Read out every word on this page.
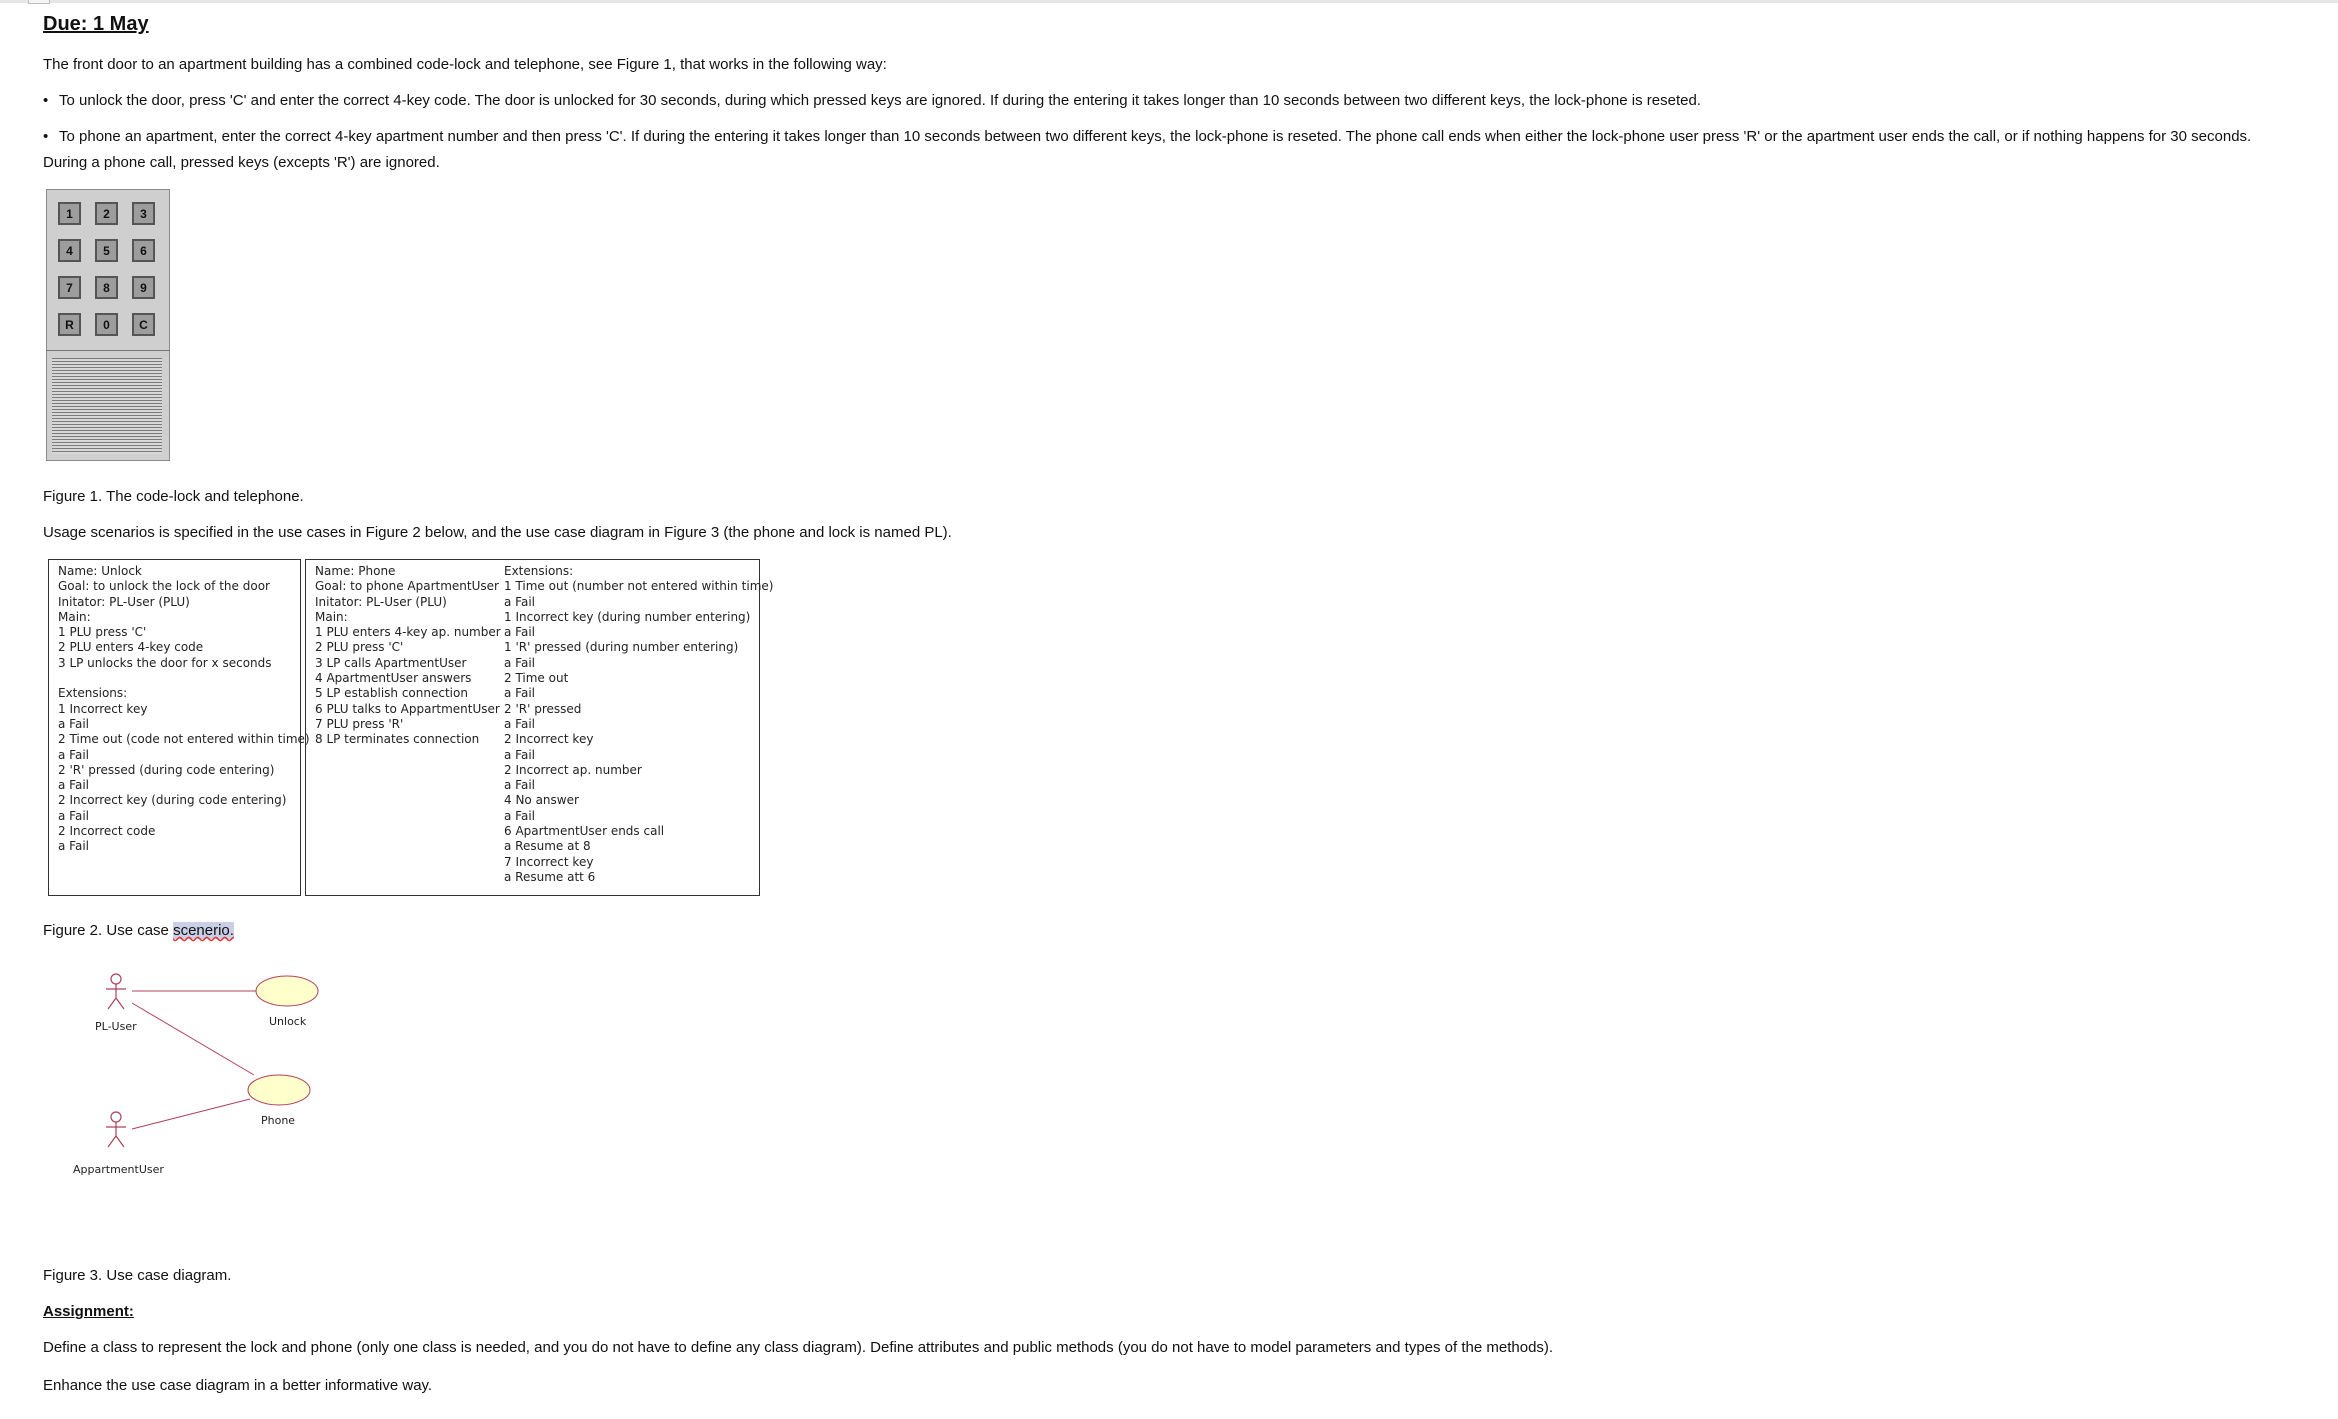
Due: 1 May
The front door to an apartment building has a combined code-lock and telephone, see Figure 1, that works in the following way:
• To unlock the door, press 'C' and enter the correct 4-key code. The door is unlocked for 30 seconds, during which pressed keys are ignored. If during the entering it takes longer than 10 seconds between two different keys, the lock-phone is reseted.
• To phone an apartment, enter the correct 4-key apartment number and then press 'C'. If during the entering it takes longer than 10 seconds between two different keys, the lock-phone is reseted. The phone call ends when either the lock-phone user press 'R' or the apartment user ends the call, or if nothing happens for 30 seconds.
During a phone call, pressed keys (excepts 'R') are ignored.
1	2	3
4	5	6
7	8	9
R	0	C
Figure 1. The code-lock and telephone.
Usage scenarios is specified in the use cases in Figure 2 below, and the use case diagram in Figure 3 (the phone and lock is named PL).
Name: Unlock
Goal: to unlock the lock of the door
Initator: PL-User (PLU)
Main:
1 PLU press 'C'
2 PLU enters 4-key code
3 LP unlocks the door for x seconds
Extensions:
1 Incorrect key
a Fail
2 Time out (code not entered within time)
a Fail
2 'R' pressed (during code entering)
a Fail
2 Incorrect key (during code entering)
a Fail
2 Incorrect code
a Fail
Name: Phone
Goal: to phone ApartmentUser
Initator: PL-User (PLU)
Main:
1 PLU enters 4-key ap. number
2 PLU press 'C'
3 LP calls ApartmentUser
4 ApartmentUser answers
5 LP establish connection
6 PLU talks to AppartmentUser
7 PLU press 'R'
8 LP terminates connection
Extensions:
1 Time out (number not entered within time)
a Fail
1 Incorrect key (during number entering)
a Fail
1 'R' pressed (during number entering)
a Fail
2 Time out
a Fail
2 'R' pressed
a Fail
2 Incorrect key
a Fail
2 Incorrect ap. number
a Fail
4 No answer
a Fail
6 ApartmentUser ends call
a Resume at 8
7 Incorrect key
a Resume att 6
Figure 2. Use case scenerio.
PL-User
AppartmentUser
Unlock
Phone
Figure 3. Use case diagram.
Assignment:
Define a class to represent the lock and phone (only one class is needed, and you do not have to define any class diagram). Define attributes and public methods (you do not have to model parameters and types of the methods).
Enhance the use case diagram in a better informative way.
